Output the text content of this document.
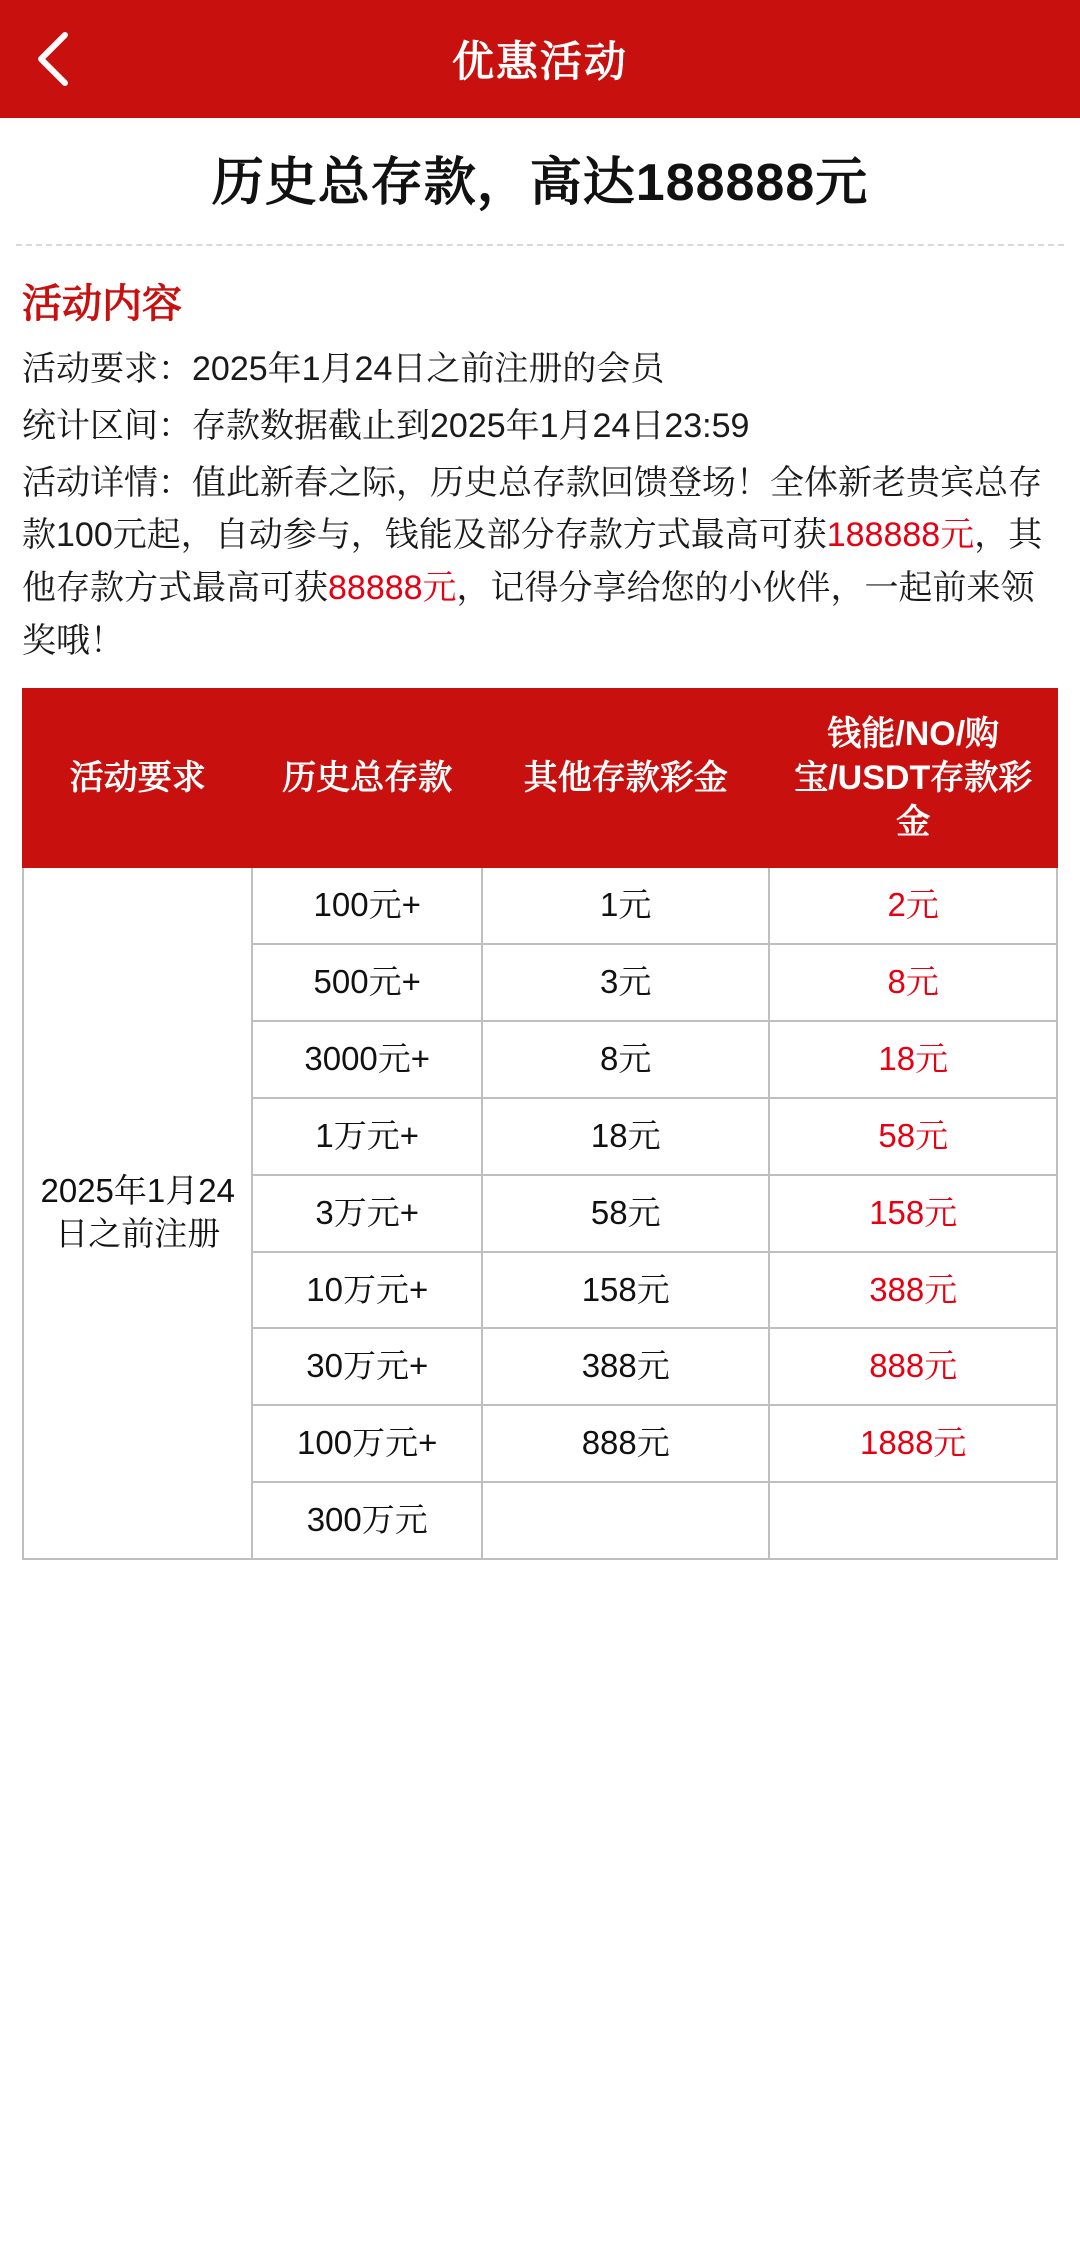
优惠活动
历史总存款，高达188888元
活动内容

活动要求：2025年1月24日之前注册的会员

统计区间：存款数据截止到2025年1月24日23:59

活动详情：值此新春之际，历史总存款回馈登场！全体新老贵宾总存款100元起，自动参与，钱能及部分存款方式最高可获188888元，其他存款方式最高可获88888元，记得分享给您的小伙伴，一起前来领奖哦！

活动要求	历史总存款	其他存款彩金	钱能/NO/购宝/USDT存款彩金
2025年1月24日之前注册	100元+	1元	2元
	500元+	3元	8元
	3000元+	8元	18元
	1万元+	18元	58元
	3万元+	58元	158元
	10万元+	158元	388元
	30万元+	388元	888元
	100万元+	888元	1888元
	300万元		
